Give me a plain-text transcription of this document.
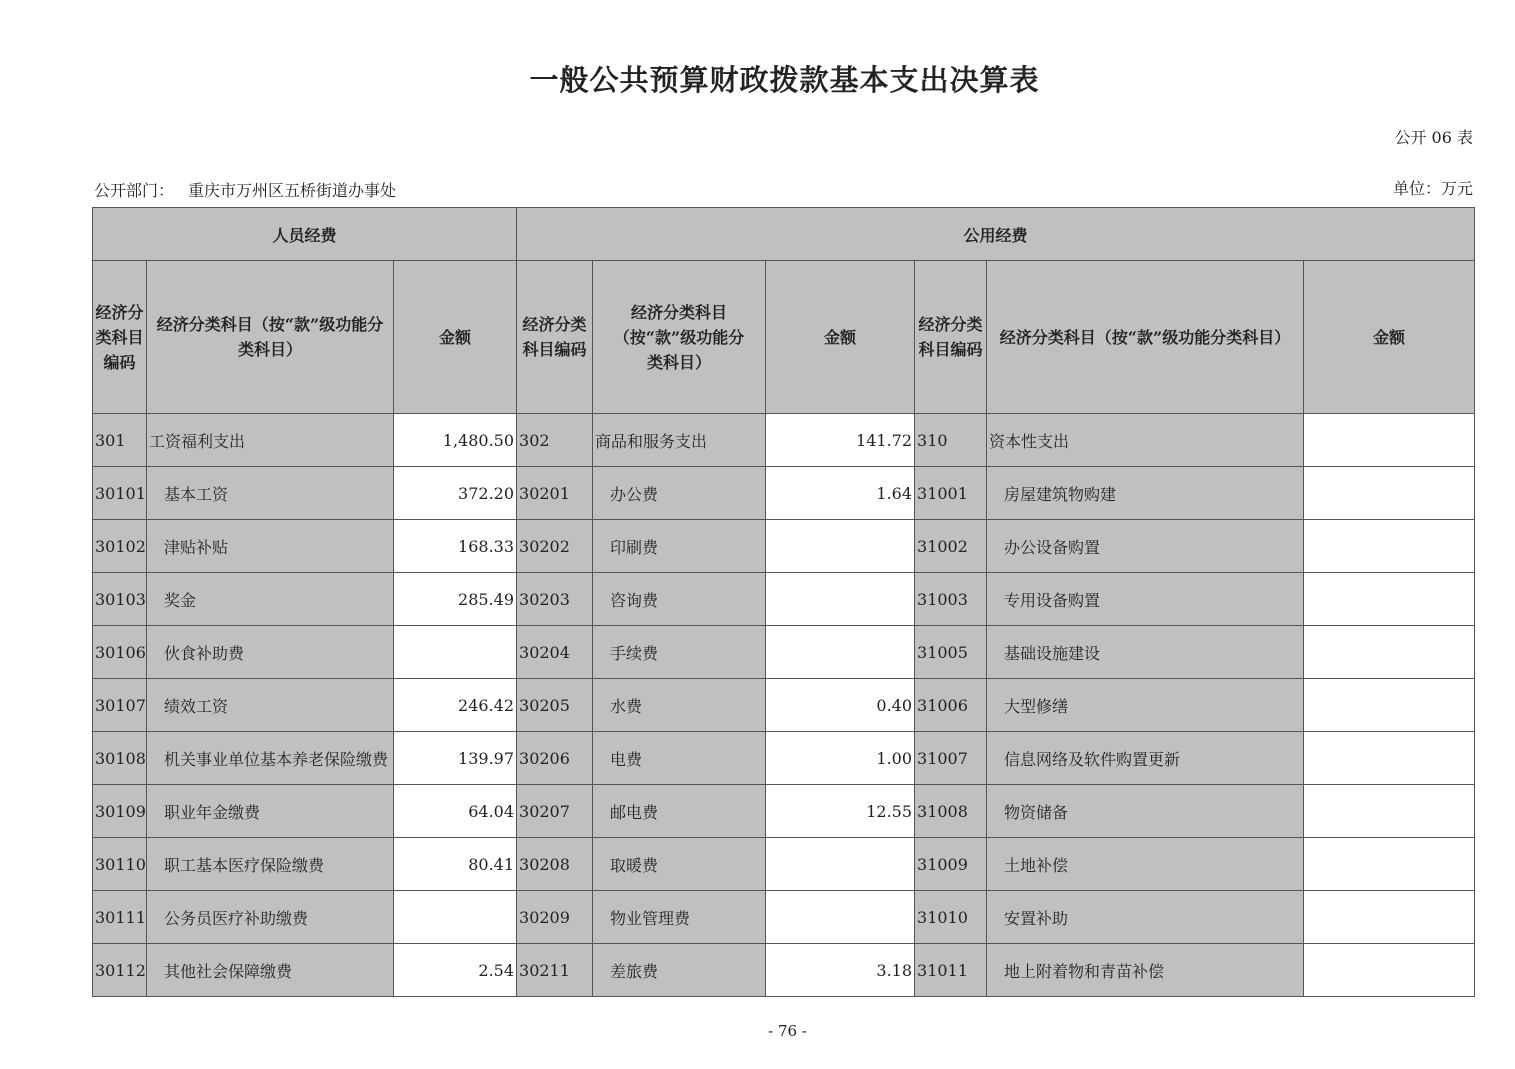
一般公共预算财政拨款基本支出决算表
公开 06 表
公开部门： 重庆市万州区五桥街道办事处	单位：万元
人员经费			公用经费					
经济分类科目编码	经济分类科目（按“款”级功能分类科目）	金额	经济分类科目编码	经济分类科目（按“款”级功能分类科目）	金额	经济分类科目编码	经济分类科目（按“款”级功能分类科目）	金额
301	工资福利支出	1,480.50	302	商品和服务支出	141.72	310	资本性支出	
30101	基本工资	372.20	30201	办公费	1.64	31001	房屋建筑物购建	
30102	津贴补贴	168.33	30202	印刷费		31002	办公设备购置	
30103	奖金	285.49	30203	咨询费		31003	专用设备购置	
30106	伙食补助费		30204	手续费		31005	基础设施建设	
30107	绩效工资	246.42	30205	水费	0.40	31006	大型修缮	
30108	机关事业单位基本养老保险缴费	139.97	30206	电费	1.00	31007	信息网络及软件购置更新	
30109	职业年金缴费	64.04	30207	邮电费	12.55	31008	物资储备	
30110	职工基本医疗保险缴费	80.41	30208	取暖费		31009	土地补偿	
30111	公务员医疗补助缴费		30209	物业管理费		31010	安置补助	
30112	其他社会保障缴费	2.54	30211	差旅费	3.18	31011	地上附着物和青苗补偿	
- 76 -
